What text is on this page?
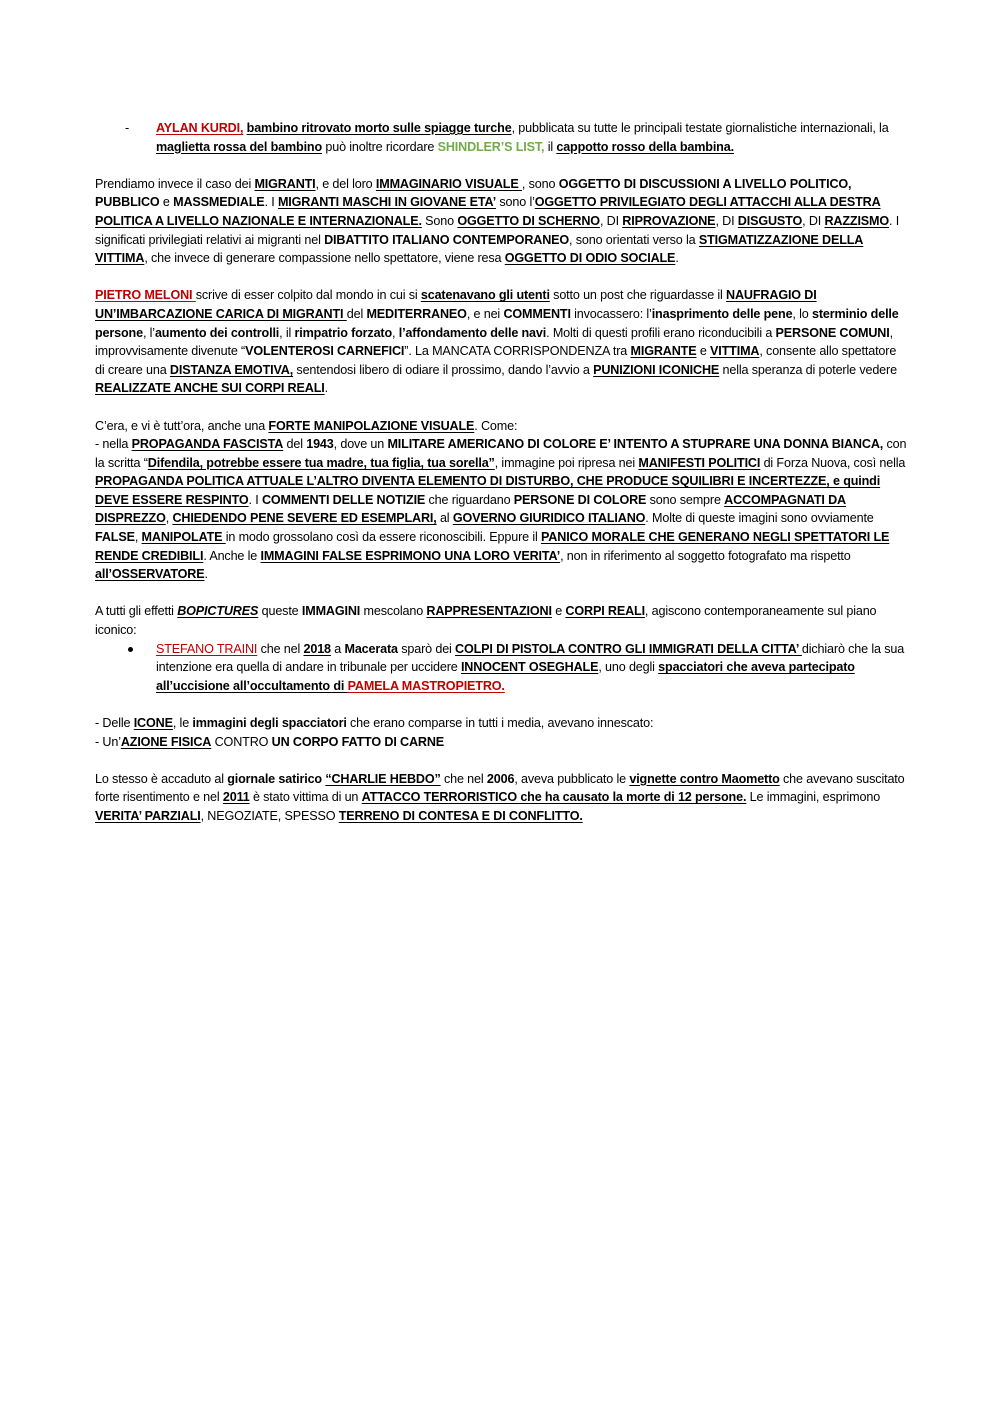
- AYLAN KURDI, bambino ritrovato morto sulle spiagge turche, pubblicata su tutte le principali testate giornalistiche internazionali, la maglietta rossa del bambino può inoltre ricordare SHINDLER’S LIST, il cappotto rosso della bambina.

Prendiamo invece il caso dei MIGRANTI, e del loro IMMAGINARIO VISUALE , sono OGGETTO DI DISCUSSIONI A LIVELLO POLITICO, PUBBLICO e MASSMEDIALE. I MIGRANTI MASCHI IN GIOVANE ETA’ sono l’OGGETTO PRIVILEGIATO DEGLI ATTACCHI ALLA DESTRA POLITICA A LIVELLO NAZIONALE E INTERNAZIONALE. Sono OGGETTO DI SCHERNO, DI RIPROVAZIONE, DI DISGUSTO, DI RAZZISMO. I significati privilegiati relativi ai migranti nel DIBATTITO ITALIANO CONTEMPORANEO, sono orientati verso la STIGMATIZZAZIONE DELLA VITTIMA, che invece di generare compassione nello spettatore, viene resa OGGETTO DI ODIO SOCIALE.

PIETRO MELONI scrive di esser colpito dal mondo in cui si scatenavano gli utenti sotto un post che riguardasse il NAUFRAGIO DI UN’IMBARCAZIONE CARICA DI MIGRANTI del MEDITERRANEO, e nei COMMENTI invocassero: l’inasprimento delle pene, lo sterminio delle persone, l’aumento dei controlli, il rimpatrio forzato, l’affondamento delle navi. Molti di questi profili erano riconducibili a PERSONE COMUNI, improvvisamente divenute “VOLENTEROSI CARNEFICI”. La MANCATA CORRISPONDENZA tra MIGRANTE e VITTIMA, consente allo spettatore di creare una DISTANZA EMOTIVA, sentendosi libero di odiare il prossimo, dando l’avvio a PUNIZIONI ICONICHE nella speranza di poterle vedere REALIZZATE ANCHE SUI CORPI REALI.

C’era, e vi è tutt’ora, anche una FORTE MANIPOLAZIONE VISUALE. Come:

- nella PROPAGANDA FASCISTA del 1943, dove un MILITARE AMERICANO DI COLORE E’ INTENTO A STUPRARE UNA DONNA BIANCA, con la scritta “Difendila, potrebbe essere tua madre, tua figlia, tua sorella”, immagine poi ripresa nei MANIFESTI POLITICI di Forza Nuova, così nella PROPAGANDA POLITICA ATTUALE L’ALTRO DIVENTA ELEMENTO DI DISTURBO, CHE PRODUCE SQUILIBRI E INCERTEZZE, e quindi DEVE ESSERE RESPINTO. I COMMENTI DELLE NOTIZIE che riguardano PERSONE DI COLORE sono sempre ACCOMPAGNATI DA DISPREZZO, CHIEDENDO PENE SEVERE ED ESEMPLARI, al GOVERNO GIURIDICO ITALIANO. Molte di queste imagini sono ovviamente FALSE, MANIPOLATE in modo grossolano così da essere riconoscibili. Eppure il PANICO MORALE CHE GENERANO NEGLI SPETTATORI LE RENDE CREDIBILI. Anche le IMMAGINI FALSE ESPRIMONO UNA LORO VERITA’, non in riferimento al soggetto fotografato ma rispetto all’OSSERVATORE.

A tutti gli effetti BOPICTURES queste IMMAGINI mescolano RAPPRESENTAZIONI e CORPI REALI, agiscono contemporaneamente sul piano iconico:

STEFANO TRAINI che nel 2018 a Macerata sparò dei COLPI DI PISTOLA CONTRO GLI IMMIGRATI DELLA CITTA’ dichiarò che la sua intenzione era quella di andare in tribunale per uccidere INNOCENT OSEGHALE, uno degli spacciatori che aveva partecipato all’uccisione all’occultamento di PAMELA MASTROPIETRO.

- Delle ICONE, le immagini degli spacciatori che erano comparse in tutti i media, avevano innescato:

- Un’AZIONE FISICA CONTRO UN CORPO FATTO DI CARNE

Lo stesso è accaduto al giornale satirico “CHARLIE HEBDO” che nel 2006, aveva pubblicato le vignette contro Maometto che avevano suscitato forte risentimento e nel 2011 è stato vittima di un ATTACCO TERRORISTICO che ha causato la morte di 12 persone. Le immagini, esprimono VERITA’ PARZIALI, NEGOZIATE, SPESSO TERRENO DI CONTESA E DI CONFLITTO.
